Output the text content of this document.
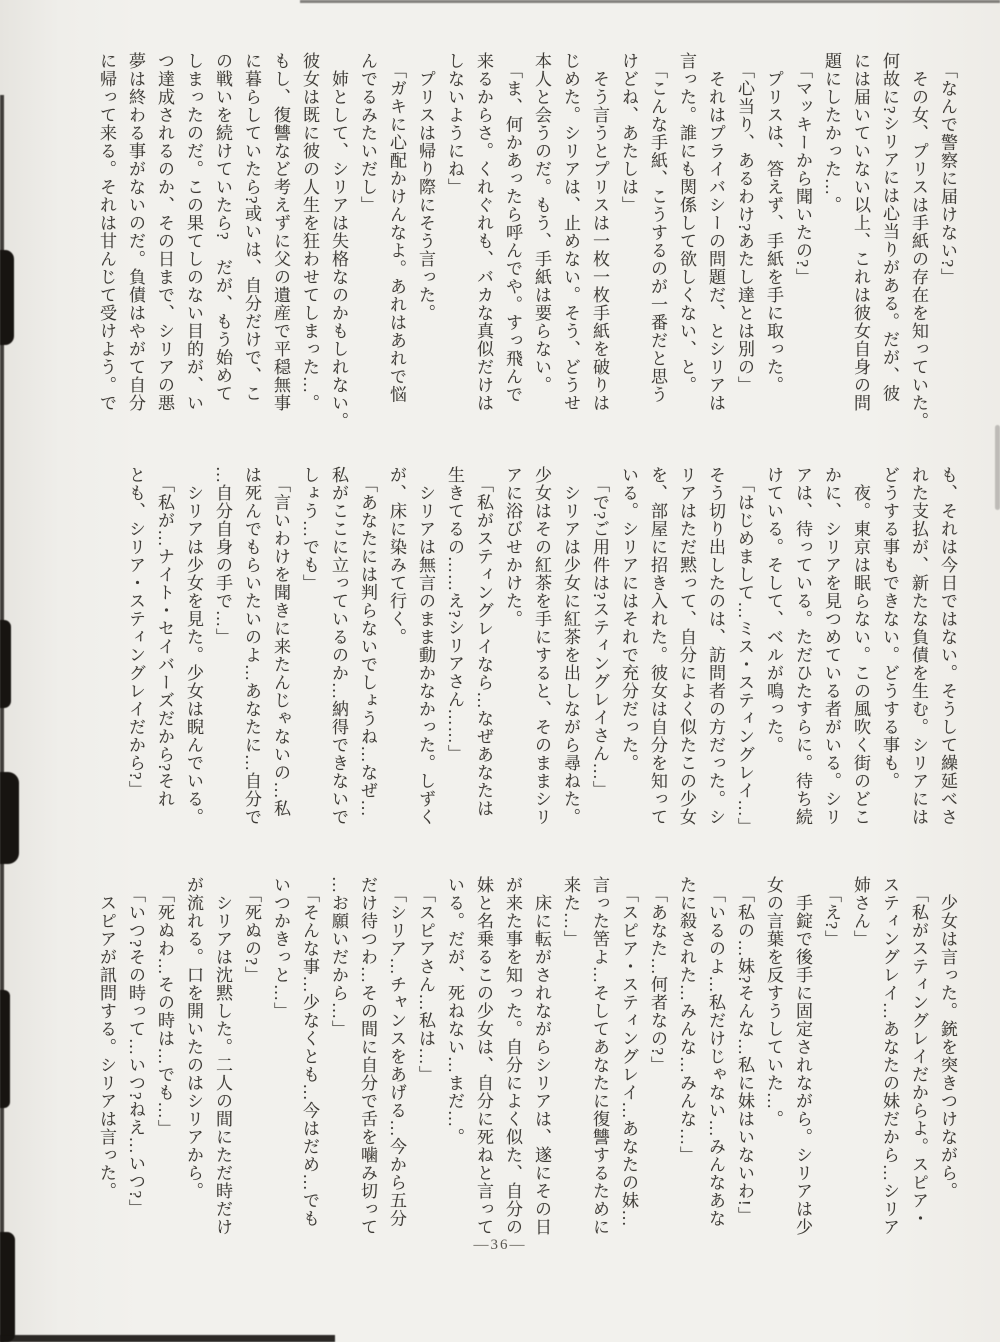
　「なんで警察に届けない?」
　その女、プリスは手紙の存在を知っていた。
何故に?シリアには心当りがある。だが、彼
には届いていない以上、これは彼女自身の問
題にしたかった…。
　「マッキーから聞いたの?」
　プリスは、答えず、手紙を手に取った。
　「心当り、あるわけ?あたし達とは別の」
　それはプライバシーの問題だ、とシリアは
言った。誰にも関係して欲しくない、と。
　「こんな手紙、こうするのが一番だと思う
けどね、あたしは」
　そう言うとプリスは一枚一枚手紙を破りは
じめた。シリアは、止めない。そう、どうせ
本人と会うのだ。もう、手紙は要らない。
　「ま、何かあったら呼んでや。すっ飛んで
来るからさ。くれぐれも、バカな真似だけは
しないようにね」
　プリスは帰り際にそう言った。
　「ガキに心配かけんなよ。あれはあれで悩
んでるみたいだし」
　姉として、シリアは失格なのかもしれない。
彼女は既に彼の人生を狂わせてしまった…。
もし、復讐など考えずに父の遺産で平穏無事
に暮らしていたら?或いは、自分だけで、こ
の戦いを続けていたら?　だが、もう始めて
しまったのだ。この果てしのない目的が、い
つ達成されるのか、その日まで、シリアの悪
夢は終わる事がないのだ。負債はやがて自分
に帰って来る。それは甘んじて受けよう。で
も、それは今日ではない。そうして繰延べさ
れた支払が、新たな負債を生む。シリアには
どうする事もできない。どうする事も。
　夜。東京は眠らない。この風吹く街のどこ
かに、シリアを見つめている者がいる。シリ
アは、待っている。ただひたすらに。待ち続
けている。そして、ベルが鳴った。
　「はじめまして…ミス・スティングレイ…」
そう切り出したのは、訪問者の方だった。シ
リアはただ黙って、自分によく似たこの少女
を、部屋に招き入れた。彼女は自分を知って
いる。シリアにはそれで充分だった。
　「で?ご用件は?スティングレイさん…」
　シリアは少女に紅茶を出しながら尋ねた。
少女はその紅茶を手にすると、そのままシリ
アに浴びせかけた。
　「私がスティングレイなら…なぜあなたは
生きてるの……え?シリアさん……」
　シリアは無言のまま動かなかった。しずく
が、床に染みて行く。
　「あなたには判らないでしょうね…なぜ…
私がここに立っているのか…納得できないで
しょう…でも」
　「言いわけを聞きに来たんじゃないの…私
は死んでもらいたいのよ…あなたに…自分で
…自分自身の手で…」
　シリアは少女を見た。少女は睨んでいる。
　「私が…ナイト・セイバーズだから?それ
とも、シリア・スティングレイだから?」
　少女は言った。銃を突きつけながら。
　「私がスティングレイだからよ。スピア・
スティングレイ…あなたの妹だから…シリア
姉さん」
　「え?」
　手錠で後手に固定されながら。シリアは少
女の言葉を反すうしていた…。
　「私の…妹?そんな…私に妹はいないわ!」
　「いるのよ…私だけじゃない…みんなあな
たに殺された…みんな…みんな…」
　「あなた…何者なの?」
　「スピア・スティングレイ…あなたの妹…
言った筈よ…そしてあなたに復讐するために
来た…」
　床に転がされながらシリアは、遂にその日
が来た事を知った。自分によく似た、自分の
妹と名乗るこの少女は、自分に死ねと言って
いる。だが、死ねない…まだ…。
　「スピアさん…私は…」
　「シリア…チャンスをあげる…今から五分
だけ待つわ…その間に自分で舌を噛み切って
…お願いだから…」
　「そんな事…少なくとも…今はだめ…でも
いつかきっと…」
　「死ぬの?」
　シリアは沈黙した。二人の間にただ時だけ
が流れる。口を開いたのはシリアから。
　「死ぬわ…その時は…でも…」
　「いつ?その時って…いつ?ねえ…いつ?」
　スピアが訊問する。シリアは言った。
―36―
